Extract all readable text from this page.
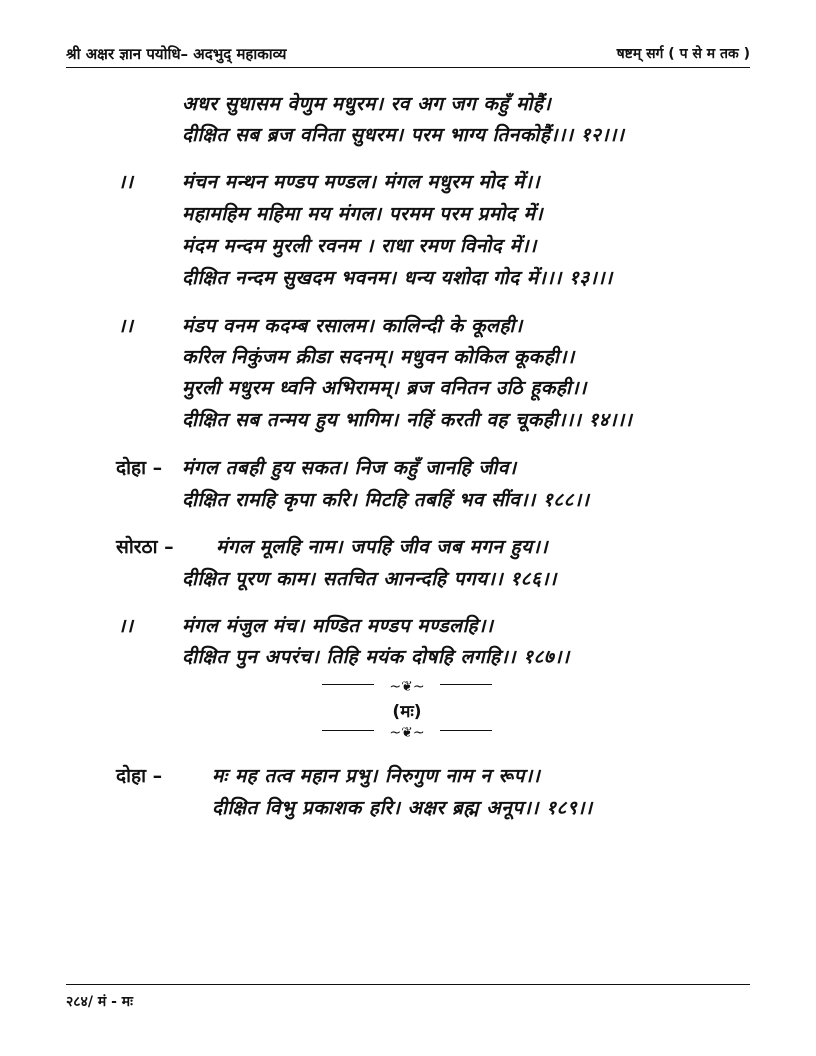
श्री अक्षर ज्ञान पयोधि– अदभुद् महाकाव्य	षष्टम् सर्ग ( प से म तक )
अधर सुधासम वेणुम मधुरम। रव अग जग कहुँ मोहैं।
दीक्षित सब ब्रज वनिता सुधरम। परम भाग्य तिनकोहैं।।। १२।।।
।।	मंचन मन्थन मण्डप मण्डल। मंगल मधुरम मोद में।।
महामहिम महिमा मय मंगल। परमम परम प्रमोद में।
मंदम मन्दम मुरली रवनम । राधा रमण विनोद में।।
दीक्षित नन्दम सुखदम भवनम। धन्य यशोदा गोद में।।। १३।।।
।।	मंडप वनम कदम्ब रसालम। कालिन्दी के कूलही।
करिल निकुंजम क्रीडा सदनम्। मधुवन कोकिल कूकही।।
मुरली मधुरम ध्वनि अभिरामम्। ब्रज वनितन उठि हूकही।।
दीक्षित सब तन्मय हुय भागिम। नहिं करती वह चूकही।।। १४।।।
दोहा – मंगल तबही हुय सकत। निज कहुँ जानहि जीव।
दीक्षित रामहि कृपा करि। मिटहि तबहिं भव सींव।। १८८।।
सोरठा – मंगल मूलहि नाम। जपहि जीव जब मगन हुय।।
दीक्षित पूरण काम। सतचित आनन्दहि पगय।। १८६।।
।।	मंगल मंजुल मंच। मण्डित मण्डप मण्डलहि।।
दीक्षित पुन अपरंच। तिहि मयंक दोषहि लगहि।। १८७।।
~❦~
(मः)
~❦~
दोहा –	मः मह तत्व महान प्रभु। निरुगुण नाम न रूप।।
दीक्षित विभु प्रकाशक हरि। अक्षर ब्रह्म अनूप।। १८९।।
२८४/ मं - मः
